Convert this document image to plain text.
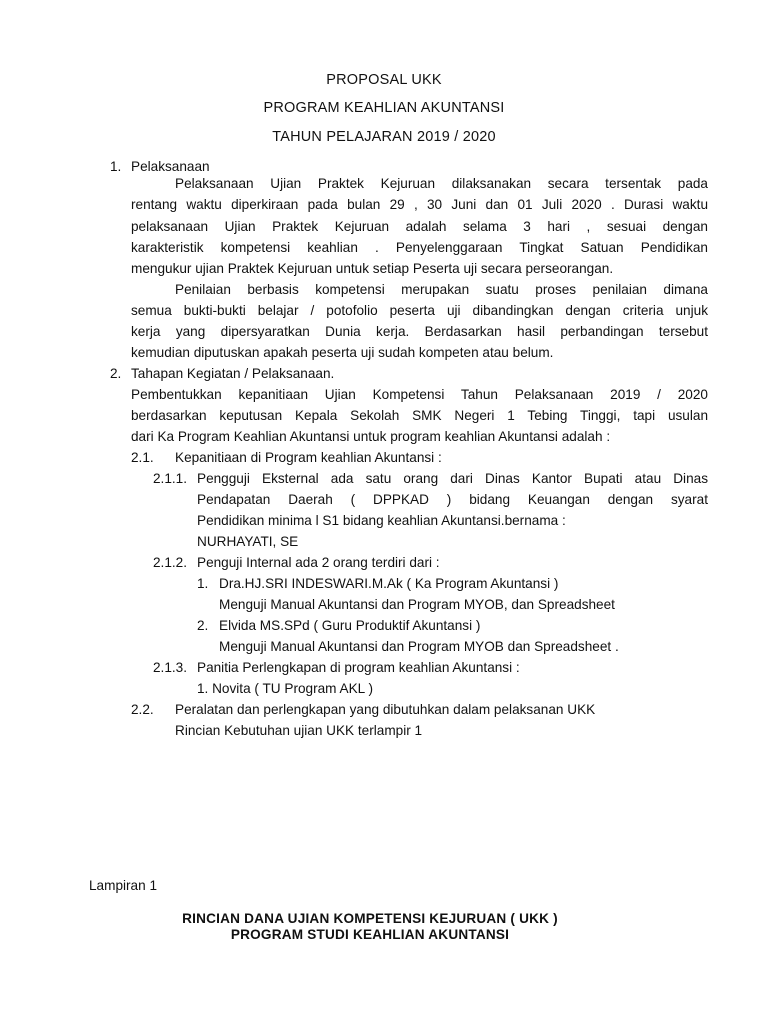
PROPOSAL UKK
PROGRAM KEAHLIAN AKUNTANSI
TAHUN PELAJARAN 2019 / 2020
1. Pelaksanaan
Pelaksanaan Ujian Praktek Kejuruan dilaksanakan secara tersentak pada
rentang waktu diperkiraan pada bulan 29 , 30 Juni dan 01 Juli 2020 . Durasi waktu
pelaksanaan Ujian Praktek Kejuruan adalah selama 3 hari , sesuai dengan
karakteristik kompetensi keahlian . Penyelenggaraan Tingkat Satuan Pendidikan
mengukur ujian Praktek Kejuruan untuk setiap Peserta uji secara perseorangan.
Penilaian berbasis kompetensi merupakan suatu proses penilaian dimana
semua bukti-bukti belajar / potofolio peserta uji dibandingkan dengan criteria unjuk
kerja yang dipersyaratkan Dunia kerja. Berdasarkan hasil perbandingan tersebut
kemudian diputuskan apakah peserta uji sudah kompeten atau belum.
2. Tahapan Kegiatan / Pelaksanaan.
Pembentukkan kepanitiaan Ujian Kompetensi Tahun Pelaksanaan 2019 / 2020
berdasarkan keputusan Kepala Sekolah SMK Negeri 1 Tebing Tinggi, tapi usulan
dari Ka Program Keahlian Akuntansi untuk program keahlian Akuntansi adalah :
2.1. Kepanitiaan di Program keahlian Akuntansi :
2.1.1. Pengguji Eksternal ada satu orang dari Dinas Kantor Bupati atau Dinas
Pendapatan Daerah ( DPPKAD ) bidang Keuangan dengan syarat
Pendidikan minima l S1 bidang keahlian Akuntansi.bernama :
NURHAYATI, SE
2.1.2. Penguji Internal ada 2 orang terdiri dari :
1. Dra.HJ.SRI INDESWARI.M.Ak ( Ka Program Akuntansi )
Menguji Manual Akuntansi dan Program MYOB, dan Spreadsheet
2. Elvida MS.SPd ( Guru Produktif Akuntansi )
Menguji Manual Akuntansi dan Program MYOB dan Spreadsheet .
2.1.3. Panitia Perlengkapan di program keahlian Akuntansi :
1. Novita ( TU Program AKL )
2.2. Peralatan dan perlengkapan yang dibutuhkan dalam pelaksanan UKK
Rincian Kebutuhan ujian UKK terlampir 1
Lampiran 1
RINCIAN DANA UJIAN KOMPETENSI KEJURUAN ( UKK )
PROGRAM STUDI KEAHLIAN AKUNTANSI
